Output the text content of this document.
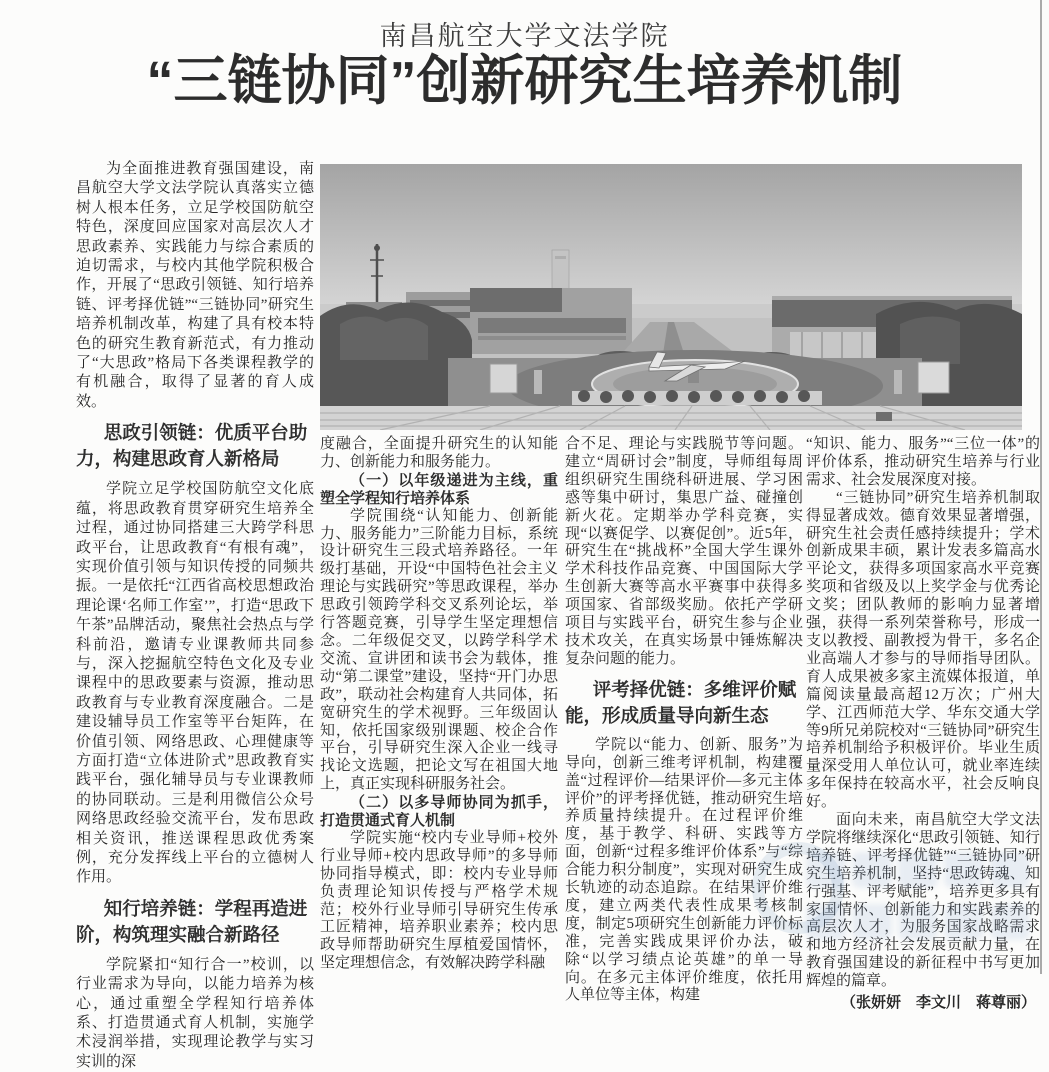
南昌航空大学文法学院
“三链协同”创新研究生培养机制

为全面推进教育强国建设，南昌航空大学文法学院认真落实立德树人根本任务，立足学校国防航空特色，深度回应国家对高层次人才思政素养、实践能力与综合素质的迫切需求，与校内其他学院积极合作，开展了“思政引领链、知行培养链、评考择优链”“三链协同”研究生培养机制改革，构建了具有校本特色的研究生教育新范式，有力推动了“大思政”格局下各类课程教学的有机融合，取得了显著的育人成效。

思政引领链：优质平台助力，构建思政育人新格局

学院立足学校国防航空文化底蕴，将思政教育贯穿研究生培养全过程，通过协同搭建三大跨学科思政平台，让思政教育“有根有魂”，实现价值引领与知识传授的同频共振。一是依托“江西省高校思想政治理论课‘名师工作室’”，打造“思政下午茶”品牌活动，聚焦社会热点与学科前沿，邀请专业课教师共同参与，深入挖掘航空特色文化及专业课程中的思政要素与资源，推动思政教育与专业教育深度融合。二是建设辅导员工作室等平台矩阵，在价值引领、网络思政、心理健康等方面打造“立体进阶式”思政教育实践平台，强化辅导员与专业课教师的协同联动。三是利用微信公众号网络思政经验交流平台，发布思政相关资讯，推送课程思政优秀案例，充分发挥线上平台的立德树人作用。

知行培养链：学程再造进阶，构筑理实融合新路径

学院紧扣“知行合一”校训，以行业需求为导向，以能力培养为核心，通过重塑全学程知行培养体系、打造贯通式育人机制，实施学术浸润举措，实现理论教学与实习实训的深

度融合，全面提升研究生的认知能力、创新能力和服务能力。

（一）以年级递进为主线，重塑全学程知行培养体系

学院围绕“认知能力、创新能力、服务能力”三阶能力目标，系统设计研究生三段式培养路径。一年级打基础，开设“中国特色社会主义理论与实践研究”等思政课程，举办思政引领跨学科交叉系列论坛，举行答题竞赛，引导学生坚定理想信念。二年级促交叉，以跨学科学术交流、宣讲团和读书会为载体，推动“第二课堂”建设，坚持“开门办思政”，联动社会构建育人共同体，拓宽研究生的学术视野。三年级固认知，依托国家级别课题、校企合作平台，引导研究生深入企业一线寻找论文选题，把论文写在祖国大地上，真正实现科研服务社会。

（二）以多导师协同为抓手，打造贯通式育人机制

学院实施“校内专业导师+校外行业导师+校内思政导师”的多导师协同指导模式，即：校内专业导师负责理论知识传授与严格学术规范；校外行业导师引导研究生传承工匠精神，培养职业素养；校内思政导师帮助研究生厚植爱国情怀，坚定理想信念，有效解决跨学科融

合不足、理论与实践脱节等问题。建立“周研讨会”制度，导师组每周组织研究生围绕科研进展、学习困惑等集中研讨，集思广益、碰撞创新火花。定期举办学科竞赛，实现“以赛促学、以赛促创”。近5年，研究生在“挑战杯”全国大学生课外学术科技作品竞赛、中国国际大学生创新大赛等高水平赛事中获得多项国家、省部级奖励。依托产学研项目与实践平台，研究生参与企业技术攻关，在真实场景中锤炼解决复杂问题的能力。

评考择优链：多维评价赋能，形成质量导向新生态

学院以“能力、创新、服务”为导向，创新三维考评机制，构建覆盖“过程评价—结果评价—多元主体评价”的评考择优链，推动研究生培养质量持续提升。在过程评价维度，基于教学、科研、实践等方面，创新“过程多维评价体系”与“综合能力积分制度”，实现对研究生成长轨迹的动态追踪。在结果评价维度，建立两类代表性成果考核制度，制定5项研究生创新能力评价标准，完善实践成果评价办法，破除“以学习绩点论英雄”的单一导向。在多元主体评价维度，依托用人单位等主体，构建

“知识、能力、服务”“三位一体”的评价体系，推动研究生培养与行业需求、社会发展深度对接。

“三链协同”研究生培养机制取得显著成效。德育效果显著增强，研究生社会责任感持续提升；学术创新成果丰硕，累计发表多篇高水平论文，获得多项国家高水平竞赛奖项和省级及以上奖学金与优秀论文奖；团队教师的影响力显著增强，获得一系列荣誉称号，形成一支以教授、副教授为骨干，多名企业高端人才参与的导师指导团队。育人成果被多家主流媒体报道，单篇阅读量最高超12万次；广州大学、江西师范大学、华东交通大学等9所兄弟院校对“三链协同”研究生培养机制给予积极评价。毕业生质量深受用人单位认可，就业率连续多年保持在较高水平，社会反响良好。

面向未来，南昌航空大学文法学院将继续深化“思政引领链、知行培养链、评考择优链”“三链协同”研究生培养机制，坚持“思政铸魂、知行强基、评考赋能”，培养更多具有家国情怀、创新能力和实践素养的高层次人才，为服务国家战略需求和地方经济社会发展贡献力量，在教育强国建设的新征程中书写更加辉煌的篇章。

（张妍妍　李文川　蒋尊丽）
